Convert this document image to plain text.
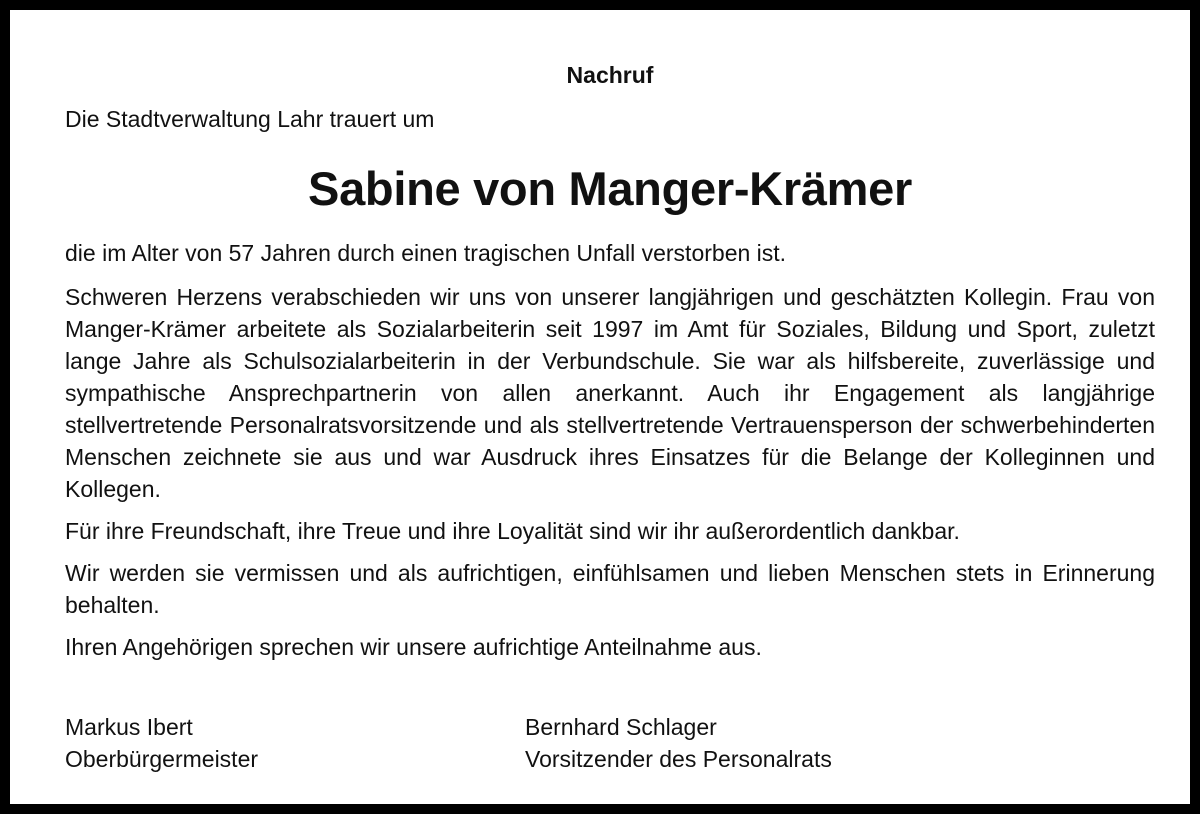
Nachruf

Die Stadtverwaltung Lahr trauert um

Sabine von Manger-Krämer

die im Alter von 57 Jahren durch einen tragischen Unfall verstorben ist.

Schweren Herzens verabschieden wir uns von unserer langjährigen und geschätzten Kollegin. Frau von Manger-Krämer arbeitete als Sozialarbeiterin seit 1997 im Amt für Soziales, Bildung und Sport, zuletzt lange Jahre als Schulsozialarbeiterin in der Verbundschule. Sie war als hilfsbereite, zuverlässige und sympathische Ansprechpartnerin von allen anerkannt. Auch ihr Engagement als langjährige stellvertretende Personalratsvorsitzende und als stellvertretende Vertrauensperson der schwerbehinderten Menschen zeichnete sie aus und war Ausdruck ihres Einsatzes für die Belange der Kolleginnen und Kollegen.

Für ihre Freundschaft, ihre Treue und ihre Loyalität sind wir ihr außerordentlich dankbar.

Wir werden sie vermissen und als aufrichtigen, einfühlsamen und lieben Menschen stets in Erinnerung behalten.

Ihren Angehörigen sprechen wir unsere aufrichtige Anteilnahme aus.

Markus Ibert
Oberbürgermeister
Bernhard Schlager
Vorsitzender des Personalrats
